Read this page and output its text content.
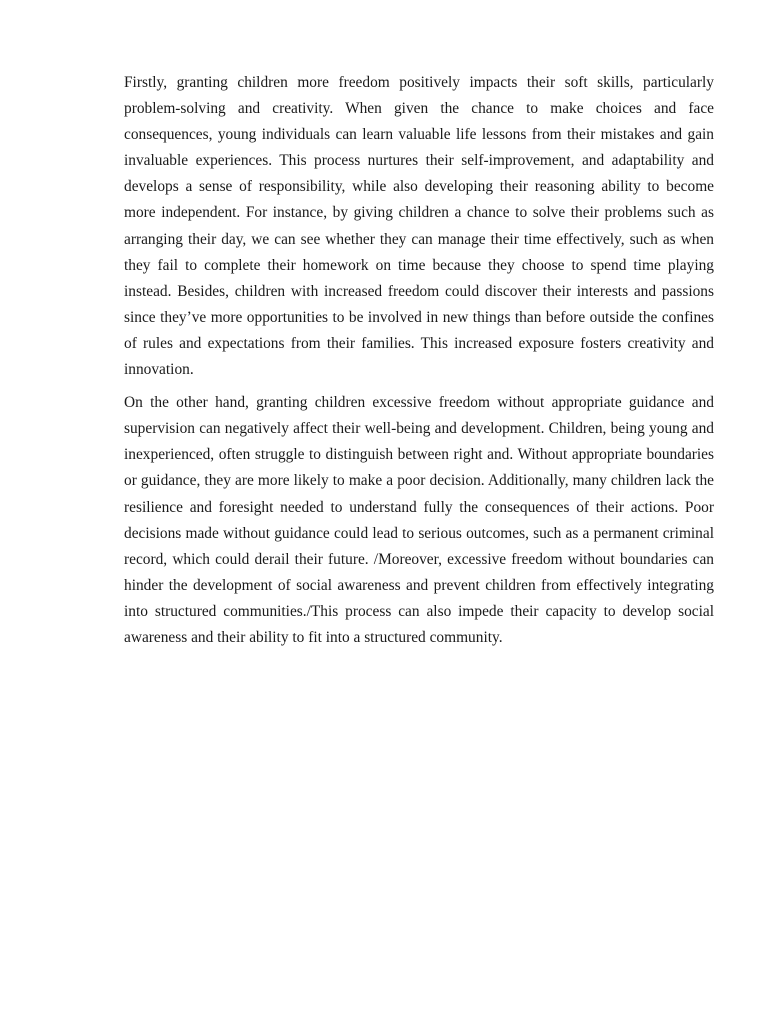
Firstly, granting children more freedom positively impacts their soft skills, particularly problem-solving and creativity. When given the chance to make choices and face consequences, young individuals can learn valuable life lessons from their mistakes and gain invaluable experiences. This process nurtures their self-improvement, and adaptability and develops a sense of responsibility, while also developing their reasoning ability to become more independent. For instance, by giving children a chance to solve their problems such as arranging their day, we can see whether they can manage their time effectively, such as when they fail to complete their homework on time because they choose to spend time playing instead. Besides, children with increased freedom could discover their interests and passions since they’ve more opportunities to be involved in new things than before outside the confines of rules and expectations from their families. This increased exposure fosters creativity and innovation.

On the other hand, granting children excessive freedom without appropriate guidance and supervision can negatively affect their well-being and development. Children, being young and inexperienced, often struggle to distinguish between right and. Without appropriate boundaries or guidance, they are more likely to make a poor decision. Additionally, many children lack the resilience and foresight needed to understand fully the consequences of their actions. Poor decisions made without guidance could lead to serious outcomes, such as a permanent criminal record, which could derail their future. /Moreover, excessive freedom without boundaries can hinder the development of social awareness and prevent children from effectively integrating into structured communities./This process can also impede their capacity to develop social awareness and their ability to fit into a structured community.
